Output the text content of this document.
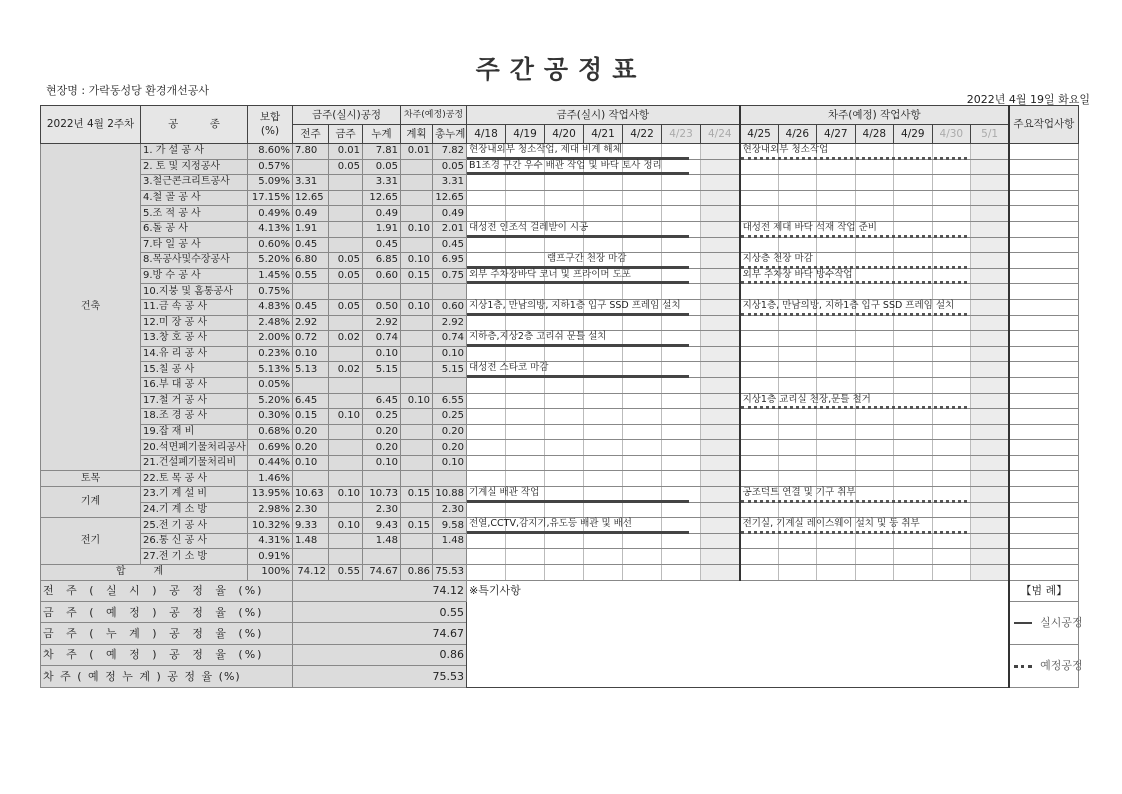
주간공정표
현장명 : 가락동성당 환경개선공사
2022년 4월 19일 화요일
2022년 4월 2주차	공　　　종	보합 (%)	금주(실시)공정			차주(예정)공정		금주(실시) 작업사항							차주(예정) 작업사항							주요작업사항
			전주	금주	누계	계획	총누계	4/18	4/19	4/20	4/21	4/22	4/23	4/24	4/25	4/26	4/27	4/28	4/29	4/30	5/1	
건축	1. 가 설 공 사	8.60%	7.80	0.01	7.81	0.01	7.82	현장내외부 청소작업, 제대 비계 해체							현장내외부 청소작업							

	2. 토 및 지정공사	0.57%		0.05	0.05		0.05	B1조경 구간 우수 배관 작업 및 바닥 토사 정리														

	3.철근콘크리트공사	5.09%	3.31		3.31		3.31															
	4.철 골 공 사	17.15%	12.65		12.65		12.65															
	5.조 적 공 사	0.49%	0.49		0.49		0.49															
	6.돌 공 사	4.13%	1.91		1.91	0.10	2.01	대성전 인조석 걸레받이 시공							대성전 제대 바닥 석재 작업 준비							

	7.타 일 공 사	0.60%	0.45		0.45		0.45															
	8.목공사및수장공사	5.20%	6.80	0.05	6.85	0.10	6.95	램프구간 천장 마감							지상층 천장 마감							

	9.방 수 공 사	1.45%	0.55	0.05	0.60	0.15	0.75	외부 주차장바닥 코너 및 프라이머 도포							외부 주차장 바닥 방수작업							

	10.지붕 및 홈통공사	0.75%																				
	11.금 속 공 사	4.83%	0.45	0.05	0.50	0.10	0.60	지상1층, 만남의방, 지하1층 입구 SSD 프레임 설치							지상1층, 만남의방, 지하1층 입구 SSD 프레임 설치							

	12.미 장 공 사	2.48%	2.92		2.92		2.92															
	13.창 호 공 사	2.00%	0.72	0.02	0.74		0.74	지하층,지상2층 고리쉬 문틀 설치														

	14.유 리 공 사	0.23%	0.10		0.10		0.10															
	15.칠 공 사	5.13%	5.13	0.02	5.15		5.15	대성전 스타코 마감														

	16.부 대 공 사	0.05%																				
	17.철 거 공 사	5.20%	6.45		6.45	0.10	6.55								지상1층 교리실 천장,문틀 철거							

	18.조 경 공 사	0.30%	0.15	0.10	0.25		0.25															
	19.잡 재 비	0.68%	0.20		0.20		0.20															
	20.석면폐기물처리공사	0.69%	0.20		0.20		0.20															
	21.건설폐기물처리비	0.44%	0.10		0.10		0.10															
토목	22.토 목 공 사	1.46%																				
기계	23.기 계 설 비	13.95%	10.63	0.10	10.73	0.15	10.88	기계실 배관 작업							공조덕트 연결 및 기구 취부							

	24.기 계 소 방	2.98%	2.30		2.30		2.30															
전기	25.전 기 공 사	10.32%	9.33	0.10	9.43	0.15	9.58	전열,CCTV,감지기,유도등 배관 및 배선							전기실, 기계실 레이스웨이 설치 및 등 취부							

	26.통 신 공 사	4.31%	1.48		1.48		1.48															
	27.전 기 소 방	0.91%																				
합　계		100%	74.12	0.55	74.67	0.86	75.53															
전 주 ( 실 시 ) 공 정 율 (%)			74.12					※특기사항														【범 례】
금 주 ( 예 정 ) 공 정 율 (%)			0.55																			실시공정
금 주 ( 누 계 ) 공 정 율 (%)			74.67																			
차 주 ( 예 정 ) 공 정 율 (%)			0.86																			예정공정
차 주 ( 예 정 누 계 ) 공 정 율 (%)			75.53																			
